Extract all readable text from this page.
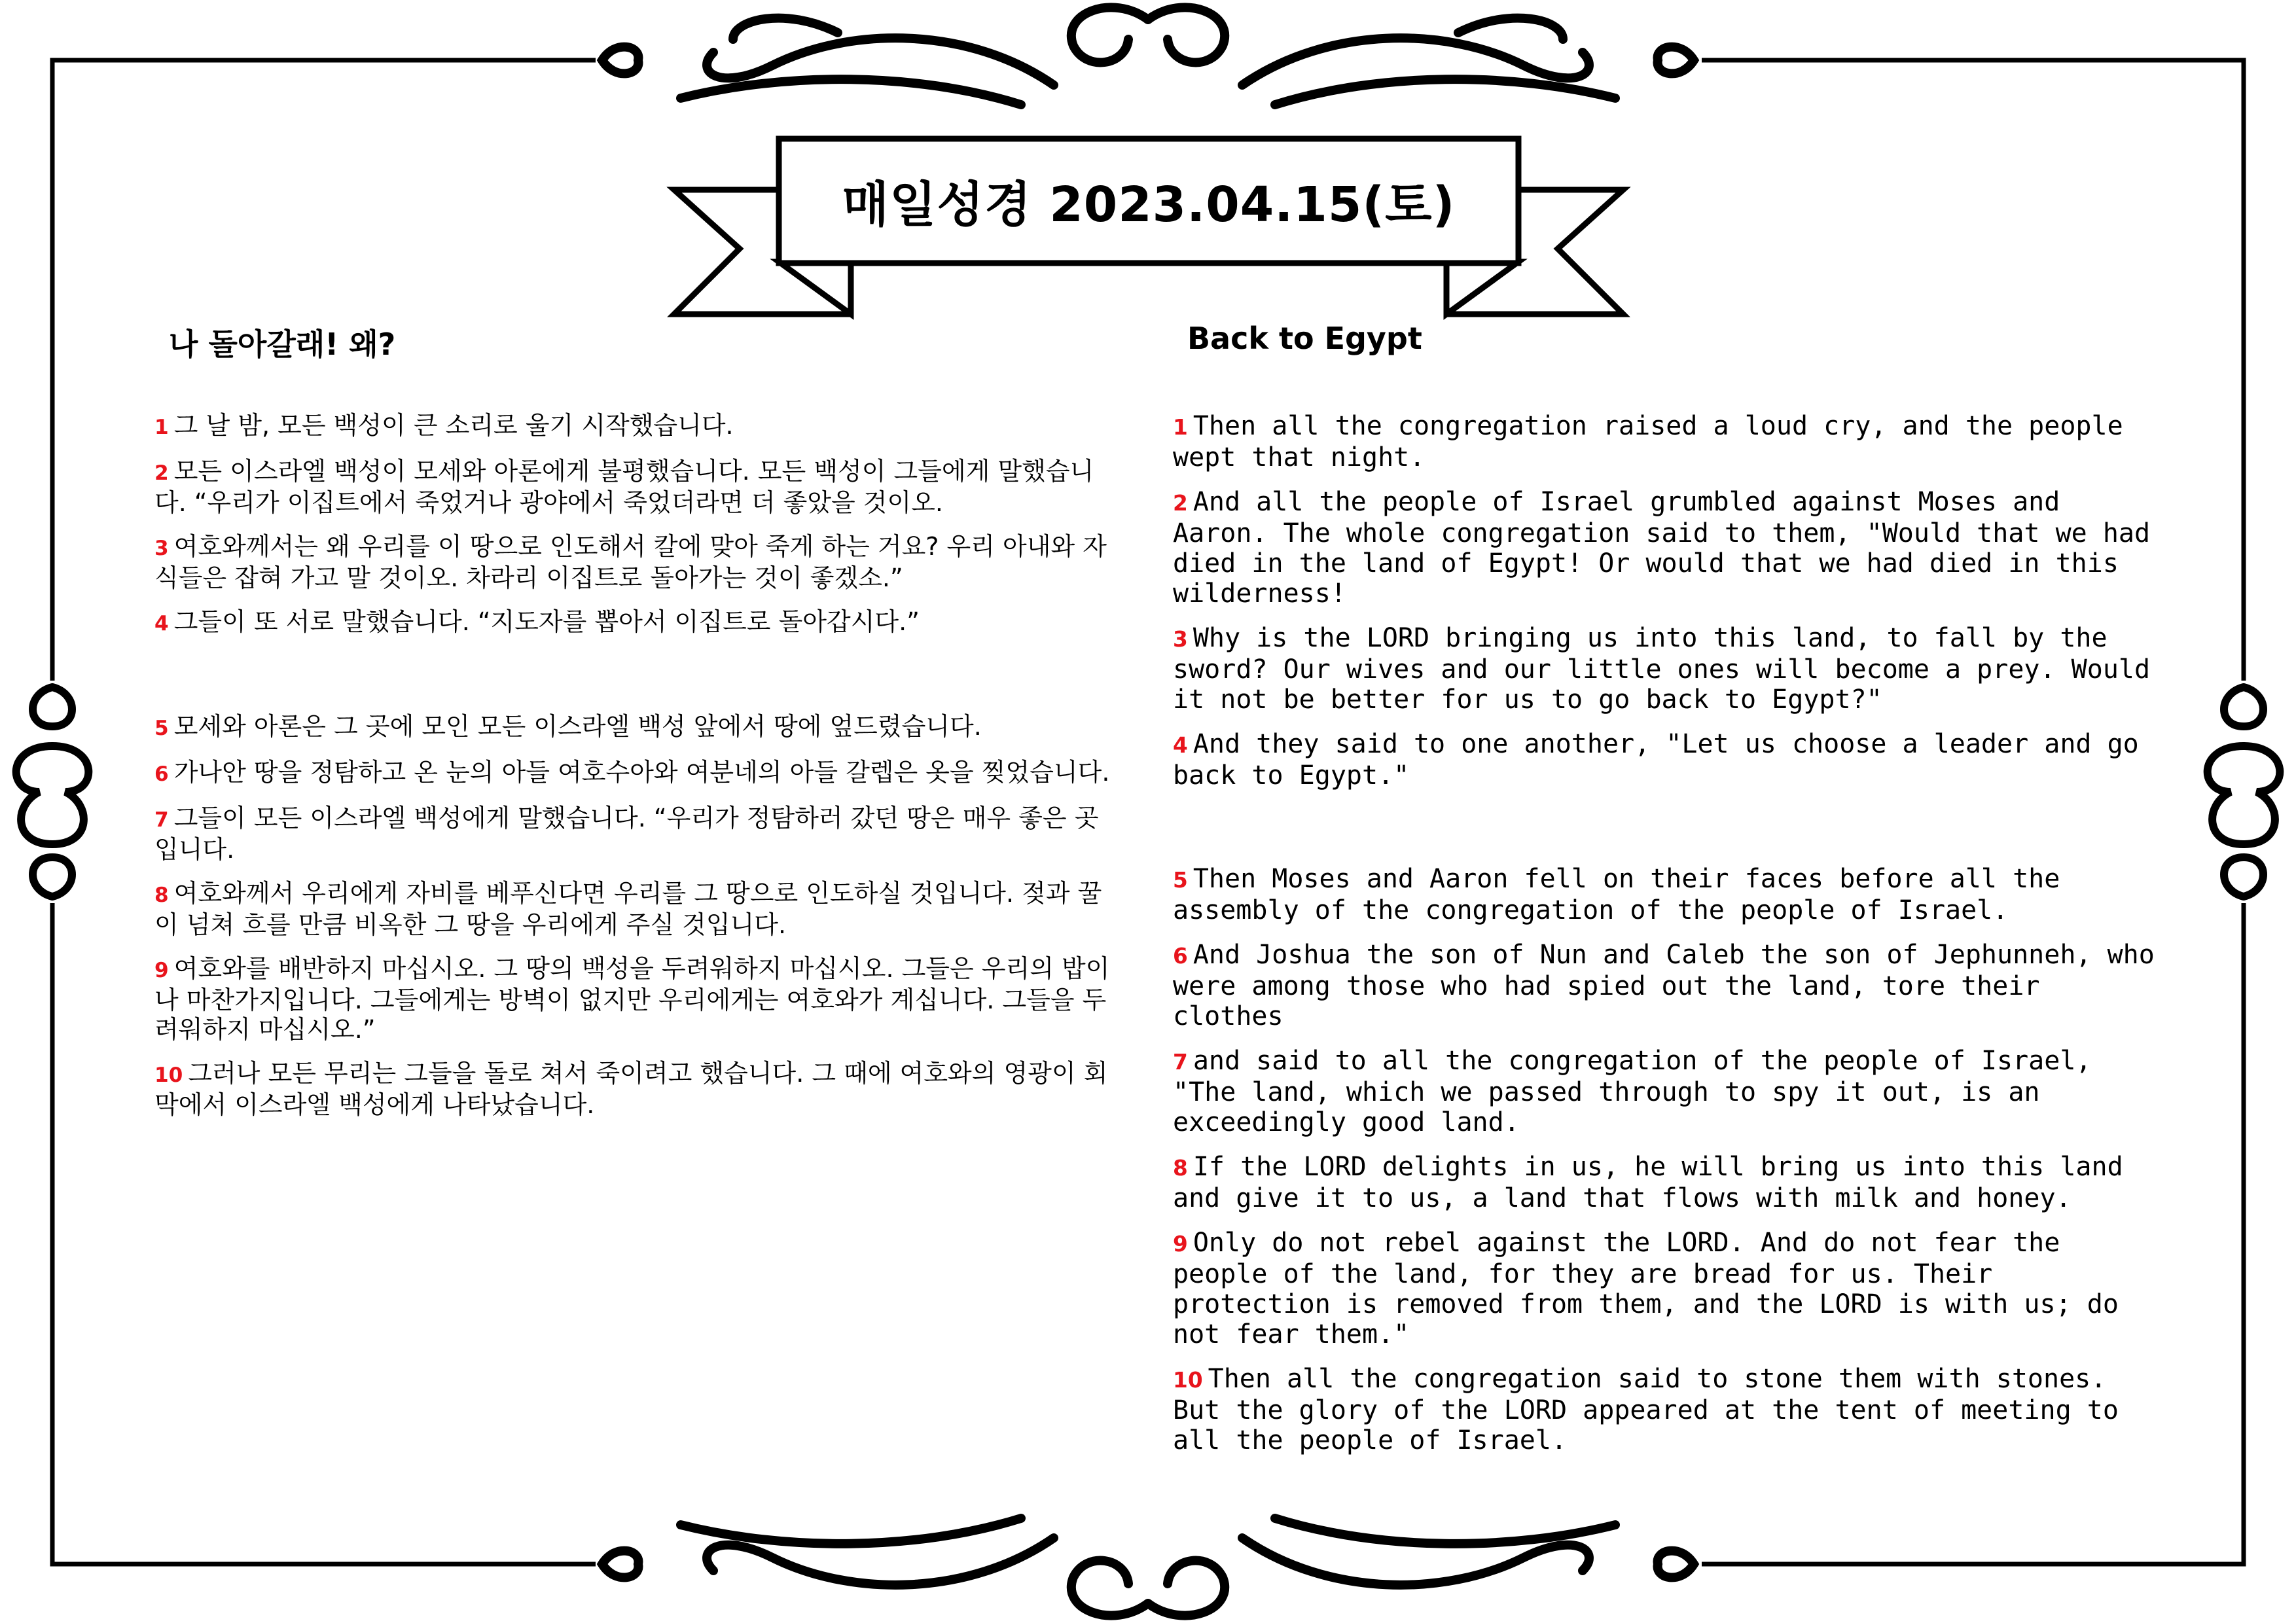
매일성경 2023.04.15(토)
나 돌아갈래! 왜?	Back to Egypt

1 그 날 밤, 모든 백성이 큰 소리로 울기 시작했습니다.

2 모든 이스라엘 백성이 모세와 아론에게 불평했습니다. 모든 백성이 그들에게 말했습니다. “우리가 이집트에서 죽었거나 광야에서 죽었더라면 더 좋았을 것이오.

3 여호와께서는 왜 우리를 이 땅으로 인도해서 칼에 맞아 죽게 하는 거요? 우리 아내와 자식들은 잡혀 가고 말 것이오. 차라리 이집트로 돌아가는 것이 좋겠소.”

4 그들이 또 서로 말했습니다. “지도자를 뽑아서 이집트로 돌아갑시다.”

5 모세와 아론은 그 곳에 모인 모든 이스라엘 백성 앞에서 땅에 엎드렸습니다.

6 가나안 땅을 정탐하고 온 눈의 아들 여호수아와 여분네의 아들 갈렙은 옷을 찢었습니다.

7 그들이 모든 이스라엘 백성에게 말했습니다. “우리가 정탐하러 갔던 땅은 매우 좋은 곳입니다.

8 여호와께서 우리에게 자비를 베푸신다면 우리를 그 땅으로 인도하실 것입니다. 젖과 꿀이 넘쳐 흐를 만큼 비옥한 그 땅을 우리에게 주실 것입니다.

9 여호와를 배반하지 마십시오. 그 땅의 백성을 두려워하지 마십시오. 그들은 우리의 밥이나 마찬가지입니다. 그들에게는 방벽이 없지만 우리에게는 여호와가 계십니다. 그들을 두려워하지 마십시오.”

10 그러나 모든 무리는 그들을 돌로 쳐서 죽이려고 했습니다. 그 때에 여호와의 영광이 회막에서 이스라엘 백성에게 나타났습니다.

1 Then all the congregation raised a loud cry, and the people wept that night.

2 And all the people of Israel grumbled against Moses and Aaron. The whole congregation said to them, "Would that we had died in the land of Egypt! Or would that we had died in this wilderness!

3 Why is the LORD bringing us into this land, to fall by the sword? Our wives and our little ones will become a prey. Would it not be better for us to go back to Egypt?"

4 And they said to one another, "Let us choose a leader and go back to Egypt."

5 Then Moses and Aaron fell on their faces before all the assembly of the congregation of the people of Israel.

6 And Joshua the son of Nun and Caleb the son of Jephunneh, who were among those who had spied out the land, tore their clothes

7 and said to all the congregation of the people of Israel, "The land, which we passed through to spy it out, is an exceedingly good land.

8 If the LORD delights in us, he will bring us into this land and give it to us, a land that flows with milk and honey.

9 Only do not rebel against the LORD. And do not fear the people of the land, for they are bread for us. Their protection is removed from them, and the LORD is with us; do not fear them."

10 Then all the congregation said to stone them with stones. But the glory of the LORD appeared at the tent of meeting to all the people of Israel.
